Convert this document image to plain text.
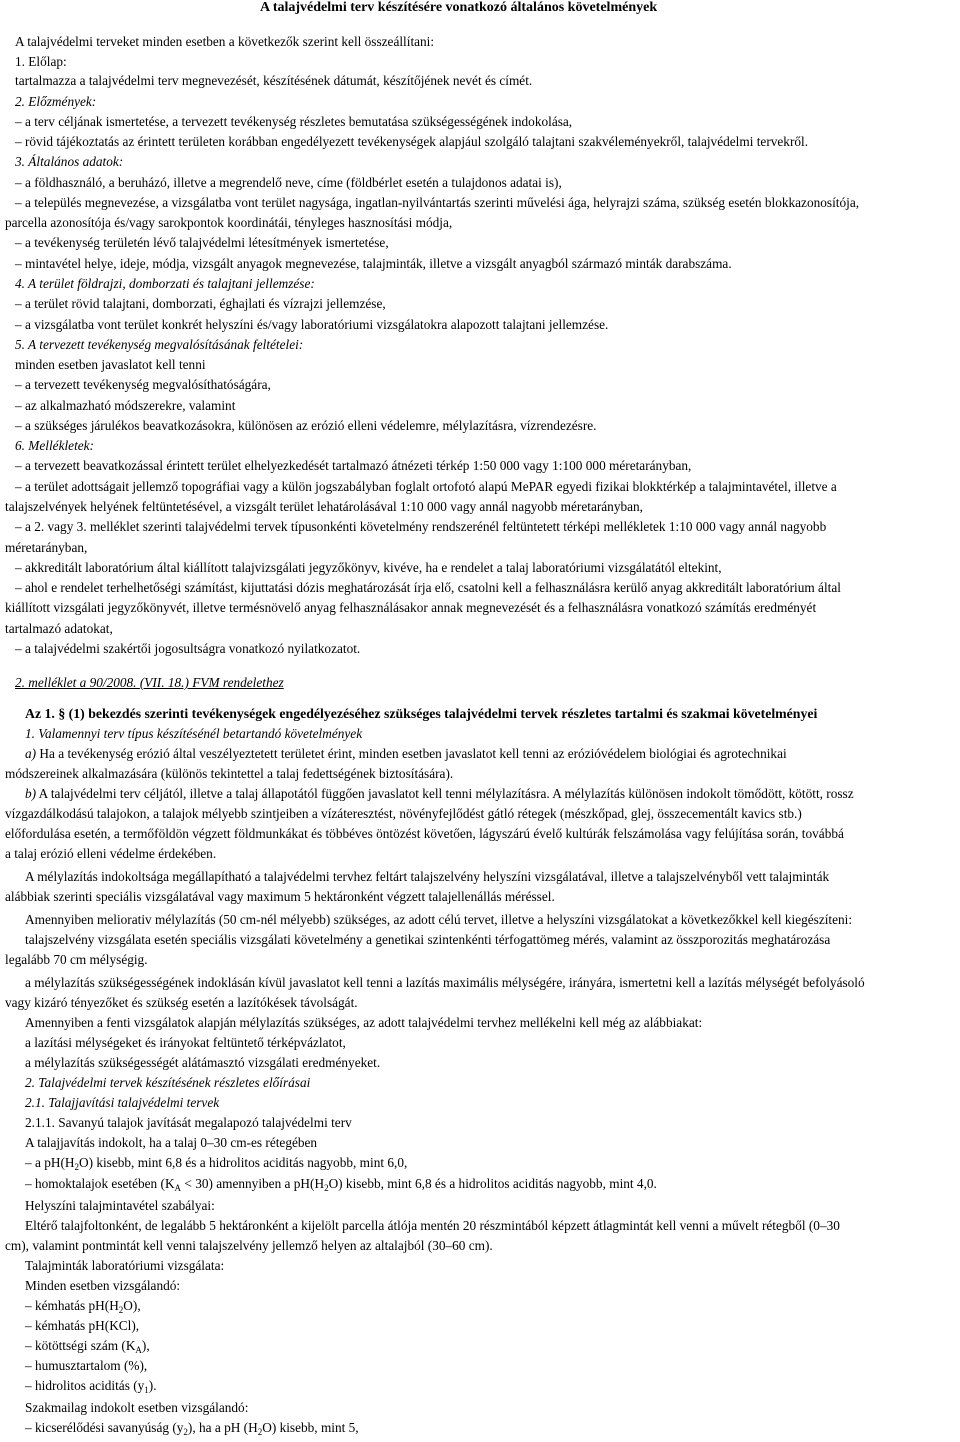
A talajvédelmi terv készítésére vonatkozó általános követelmények
A talajvédelmi terveket minden esetben a következők szerint kell összeállítani:
1. Előlap:
tartalmazza a talajvédelmi terv megnevezését, készítésének dátumát, készítőjének nevét és címét.
2. Előzmények:
– a terv céljának ismertetése, a tervezett tevékenység részletes bemutatása szükségességének indokolása,
– rövid tájékoztatás az érintett területen korábban engedélyezett tevékenységek alapjául szolgáló talajtani szakvéleményekről, talajvédelmi tervekről.
3. Általános adatok:
– a földhasználó, a beruházó, illetve a megrendelő neve, címe (földbérlet esetén a tulajdonos adatai is),
– a település megnevezése, a vizsgálatba vont terület nagysága, ingatlan-nyilvántartás szerinti művelési ága, helyrajzi száma, szükség esetén blokkazonosítója,
parcella azonosítója és/vagy sarokpontok koordinátái, tényleges hasznosítási módja,
– a tevékenység területén lévő talajvédelmi létesítmények ismertetése,
– mintavétel helye, ideje, módja, vizsgált anyagok megnevezése, talajminták, illetve a vizsgált anyagból származó minták darabszáma.
4. A terület földrajzi, domborzati és talajtani jellemzése:
– a terület rövid talajtani, domborzati, éghajlati és vízrajzi jellemzése,
– a vizsgálatba vont terület konkrét helyszíni és/vagy laboratóriumi vizsgálatokra alapozott talajtani jellemzése.
5. A tervezett tevékenység megvalósításának feltételei:
minden esetben javaslatot kell tenni
– a tervezett tevékenység megvalósíthatóságára,
– az alkalmazható módszerekre, valamint
– a szükséges járulékos beavatkozásokra, különösen az erózió elleni védelemre, mélylazításra, vízrendezésre.
6. Mellékletek:
– a tervezett beavatkozással érintett terület elhelyezkedését tartalmazó átnézeti térkép 1:50 000 vagy 1:100 000 méretarányban,
– a terület adottságait jellemző topográfiai vagy a külön jogszabályban foglalt ortofotó alapú MePAR egyedi fizikai blokktérkép a talajmintavétel, illetve a
talajszelvények helyének feltüntetésével, a vizsgált terület lehatárolásával 1:10 000 vagy annál nagyobb méretarányban,
– a 2. vagy 3. melléklet szerinti talajvédelmi tervek típusonkénti követelmény rendszerénél feltüntetett térképi mellékletek 1:10 000 vagy annál nagyobb
méretarányban,
– akkreditált laboratórium által kiállított talajvizsgálati jegyzőkönyv, kivéve, ha e rendelet a talaj laboratóriumi vizsgálatától eltekint,
– ahol e rendelet terhelhetőségi számítást, kijuttatási dózis meghatározását írja elő, csatolni kell a felhasználásra kerülő anyag akkreditált laboratórium által
kiállított vizsgálati jegyzőkönyvét, illetve termésnövelő anyag felhasználásakor annak megnevezését és a felhasználásra vonatkozó számítás eredményét
tartalmazó adatokat,
– a talajvédelmi szakértői jogosultságra vonatkozó nyilatkozatot.
2. melléklet a 90/2008. (VII. 18.) FVM rendelethez
Az 1. § (1) bekezdés szerinti tevékenységek engedélyezéséhez szükséges talajvédelmi tervek részletes tartalmi és szakmai követelményei
1. Valamennyi terv típus készítésénél betartandó követelmények
a) Ha a tevékenység erózió által veszélyeztetett területet érint, minden esetben javaslatot kell tenni az erózióvédelem biológiai és agrotechnikai
módszereinek alkalmazására (különös tekintettel a talaj fedettségének biztosítására).
b) A talajvédelmi terv céljától, illetve a talaj állapotától függően javaslatot kell tenni mélylazításra. A mélylazítás különösen indokolt tömődött, kötött, rossz
vízgazdálkodású talajokon, a talajok mélyebb szintjeiben a vízáteresztést, növényfejlődést gátló rétegek (mészkőpad, glej, összecementált kavics stb.)
előfordulása esetén, a termőföldön végzett földmunkákat és többéves öntözést követően, lágyszárú évelő kultúrák felszámolása vagy felújítása során, továbbá
a talaj erózió elleni védelme érdekében.
A mélylazítás indokoltsága megállapítható a talajvédelmi tervhez feltárt talajszelvény helyszíni vizsgálatával, illetve a talajszelvényből vett talajminták
alábbiak szerinti speciális vizsgálatával vagy maximum 5 hektáronként végzett talajellenállás méréssel.
Amennyiben meliorativ mélylazítás (50 cm-nél mélyebb) szükséges, az adott célú tervet, illetve a helyszíni vizsgálatokat a következőkkel kell kiegészíteni:
talajszelvény vizsgálata esetén speciális vizsgálati követelmény a genetikai szintenkénti térfogattömeg mérés, valamint az összporozitás meghatározása
legalább 70 cm mélységig.
a mélylazítás szükségességének indoklásán kívül javaslatot kell tenni a lazítás maximális mélységére, irányára, ismertetni kell a lazítás mélységét befolyásoló
vagy kizáró tényezőket és szükség esetén a lazítókések távolságát.
Amennyiben a fenti vizsgálatok alapján mélylazítás szükséges, az adott talajvédelmi tervhez mellékelni kell még az alábbiakat:
a lazítási mélységeket és irányokat feltüntető térképvázlatot,
a mélylazítás szükségességét alátámasztó vizsgálati eredményeket.
2. Talajvédelmi tervek készítésének részletes előírásai
2.1. Talajjavítási talajvédelmi tervek
2.1.1. Savanyú talajok javítását megalapozó talajvédelmi terv
A talajjavítás indokolt, ha a talaj 0–30 cm-es rétegében
– a $pH(H_2O)$ kisebb, mint 6,8 és a hidrolitos aciditás nagyobb, mint 6,0,
– homoktalajok esetében $(K_A < 30)$ amennyiben a $pH(H_2O)$ kisebb, mint 6,8 és a hidrolitos aciditás nagyobb, mint 4,0.
Helyszíni talajmintavétel szabályai:
Eltérő talajfoltonként, de legalább 5 hektáronként a kijelölt parcella átlója mentén 20 részmintából képzett átlagmintát kell venni a művelt rétegből (0–30
cm), valamint pontmintát kell venni talajszelvény jellemző helyen az altalajból (30–60 cm).
Talajminták laboratóriumi vizsgálata:
Minden esetben vizsgálandó:
– kémhatás $pH(H_2O)$,
– kémhatás pH(KCl),
– kötöttségi szám $(K_A)$,
– humusztartalom (%),
– hidrolitos aciditás $(y_1)$.
Szakmailag indokolt esetben vizsgálandó:
– kicserélődési savanyúság $(y_2)$, ha a pH $(H_2O)$ kisebb, mint 5,
